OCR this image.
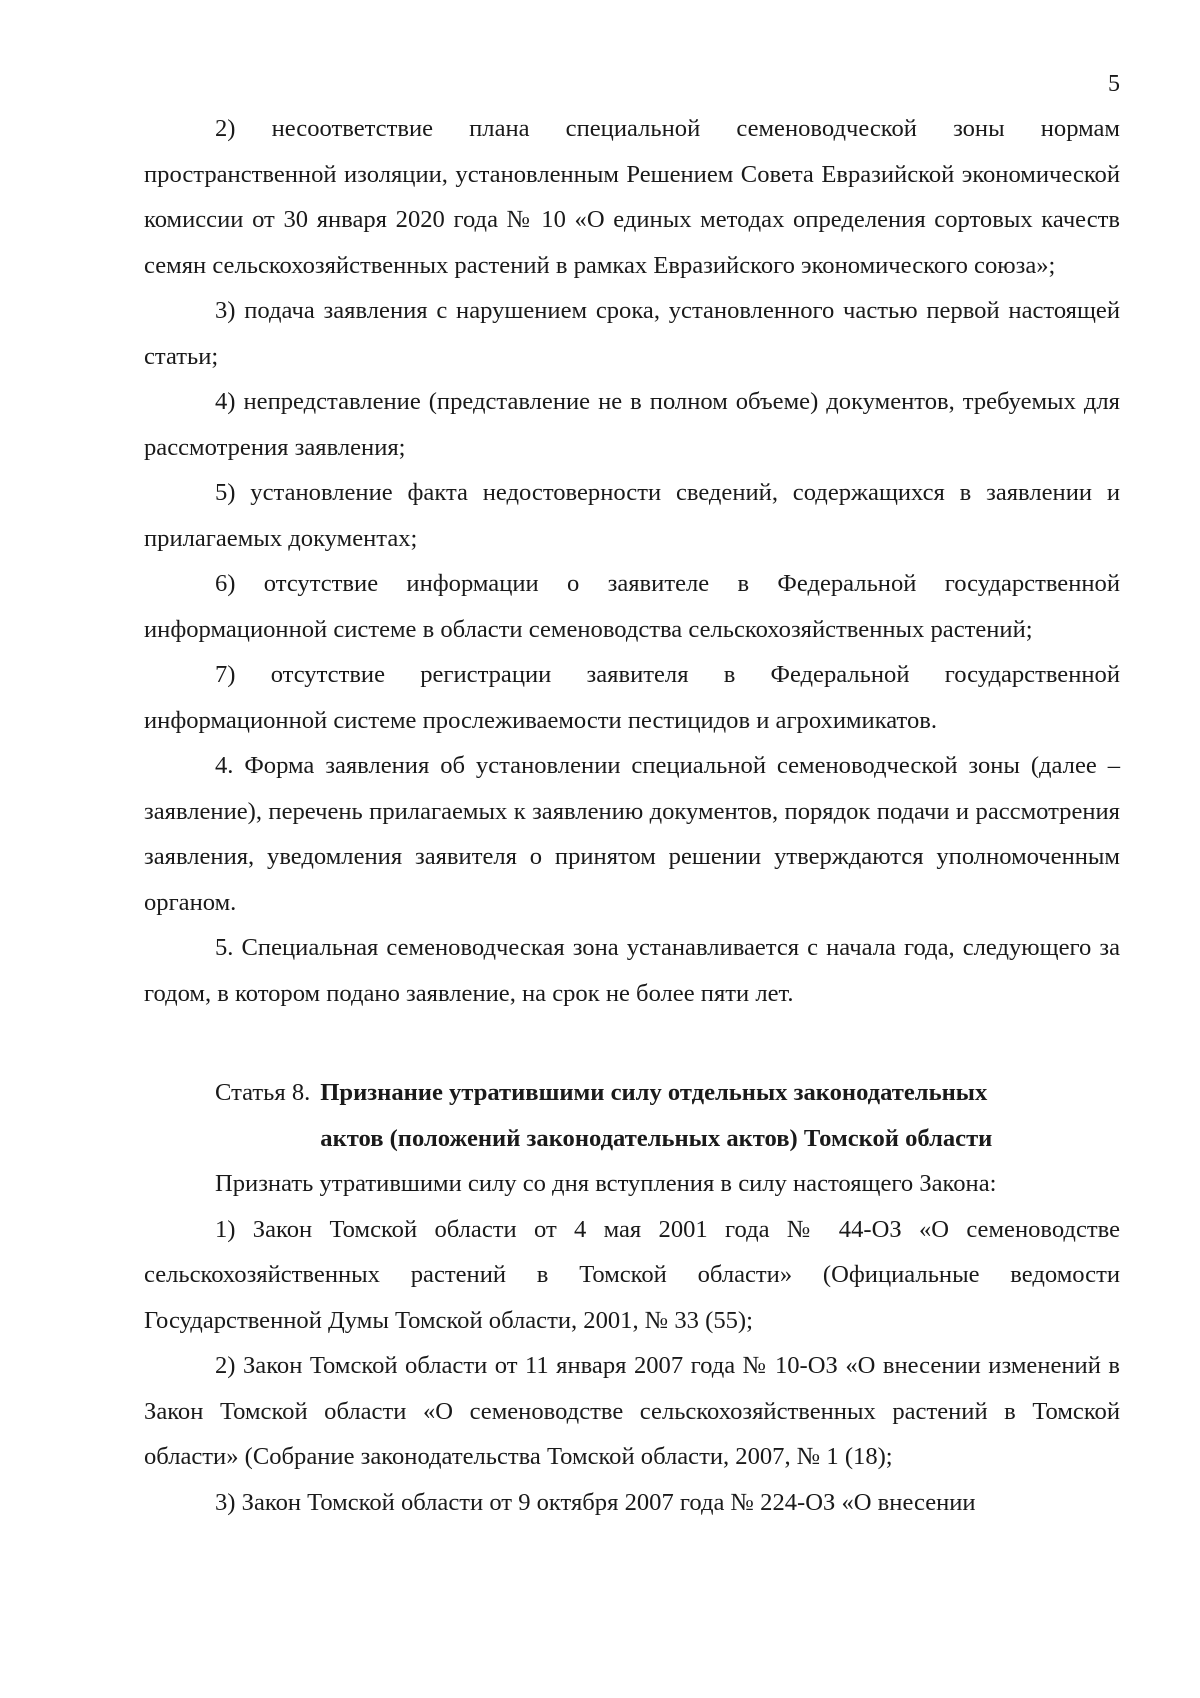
5

2) несоответствие плана специальной семеноводческой зоны нормам пространственной изоляции, установленным Решением Совета Евразийской экономической комиссии от 30 января 2020 года № 10 «О единых методах определения сортовых качеств семян сельскохозяйственных растений в рамках Евразийского экономического союза»;

3) подача заявления с нарушением срока, установленного частью первой настоящей статьи;

4) непредставление (представление не в полном объеме) документов, требуемых для рассмотрения заявления;

5) установление факта недостоверности сведений, содержащихся в заявлении и прилагаемых документах;

6) отсутствие информации о заявителе в Федеральной государственной информационной системе в области семеноводства сельскохозяйственных растений;

7) отсутствие регистрации заявителя в Федеральной государственной информационной системе прослеживаемости пестицидов и агрохимикатов.

4. Форма заявления об установлении специальной семеноводческой зоны (далее – заявление), перечень прилагаемых к заявлению документов, порядок подачи и рассмотрения заявления, уведомления заявителя о принятом решении утверждаются уполномоченным органом.

5. Специальная семеноводческая зона устанавливается с начала года, следующего за годом, в котором подано заявление, на срок не более пяти лет.

Статья 8. Признание утратившими силу отдельных законодательных
актов (положений законодательных актов) Томской области

Признать утратившими силу со дня вступления в силу настоящего Закона:

1) Закон Томской области от 4 мая 2001 года № 44-ОЗ «О семеноводстве сельскохозяйственных растений в Томской области» (Официальные ведомости Государственной Думы Томской области, 2001, № 33 (55);

2) Закон Томской области от 11 января 2007 года № 10-ОЗ «О внесении изменений в Закон Томской области «О семеноводстве сельскохозяйственных растений в Томской области» (Собрание законодательства Томской области, 2007, № 1 (18);

3) Закон Томской области от 9 октября 2007 года № 224-ОЗ «О внесении
